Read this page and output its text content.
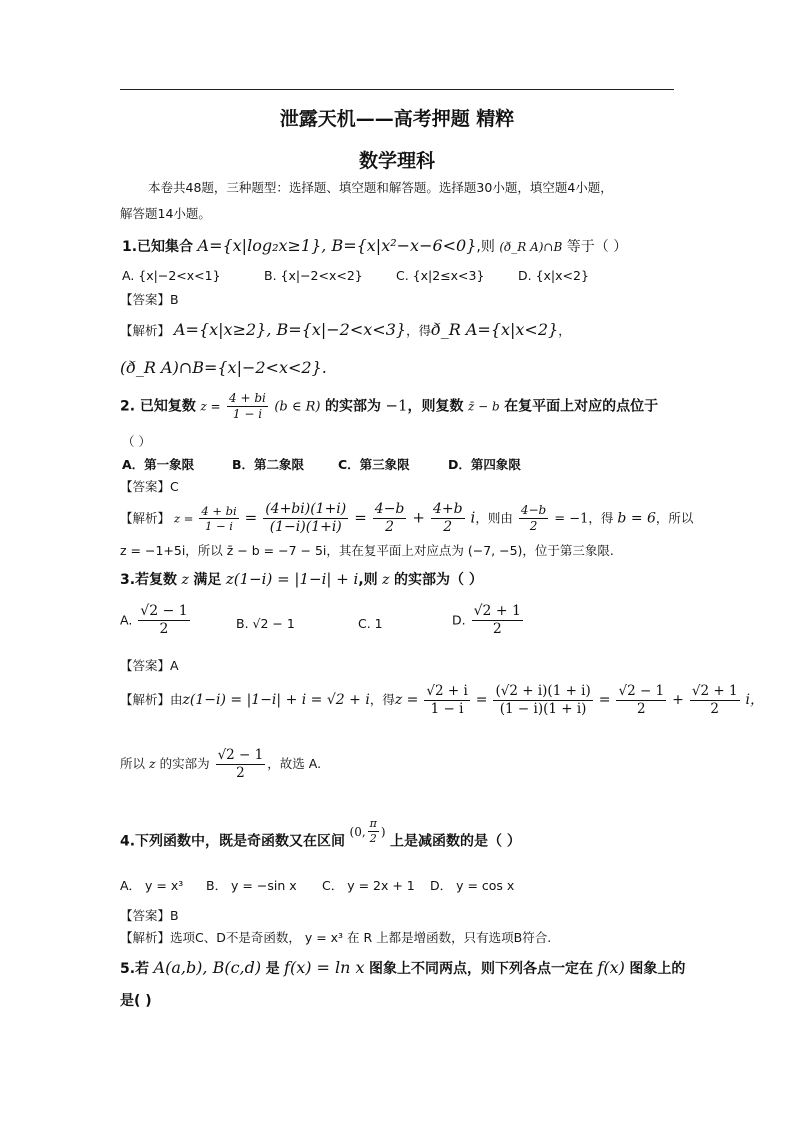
泄露天机——高考押题 精粹
数学理科
本卷共48题，三种题型：选择题、填空题和解答题。选择题30小题，填空题4小题，
解答题14小题。
1.已知集合 A={x|log₂x≥1}, B={x|x²−x−6<0},则 (ð_R A)∩B 等于（ ）
A. {x|−2<x<1}	B. {x|−2<x<2}	C. {x|2≤x<3}	D. {x|x<2}
【答案】B
【解析】 A={x|x≥2}, B={x|−2<x<3}，得ð_R A={x|x<2}，
(ð_R A)∩B={x|−2<x<2}.
2. 已知复数 $z = \frac{4 + bi}{1 - i} (b$ ∈ R) 的实部为 −1，则复数 z̄ − b 在复平面上对应的点位于
（ ）
A．第一象限	B．第二象限	C．第三象限	D．第四象限
【答案】C
【解析】 $z = \frac{4 + bi}{1 - i} = \frac{(4+bi)(1+i)}{(1-i)(1+i)} = \frac{4-b}{2} + \frac{4+b}{2}$ i，则由 $\frac{4-b}{2} = -1$，得 b = 6，所以
z = −1+5i，所以 z̄ − b = −7 − 5i，其在复平面上对应点为 (−7, −5)，位于第三象限.
3.若复数 z 满足 z(1−i) = |1−i| + i,则 z 的实部为（ ）
A. $\frac{√2 - 1}{2}$	B. √2 − 1	C. 1	D. $\frac{√2 + 1}{2}$
【答案】A
【解析】由z(1−i) = |1−i| + i = √2 + i，得$z = \frac{√2 + i}{1 - i} = \frac{(√2 + i)(1 + i)}{(1 - i)(1 + i)} = \frac{√2 - 1}{2} + \frac{√2 + 1}{2}$ i，
所以 z 的实部为 $\frac{√2 - 1}{2}$ ，故选 A.
4.下列函数中，既是奇函数又在区间
(0, $\frac{\pi}{2}$ )
上是减函数的是（ ）
A． y = x³ B． y = −sin x C． y = 2x + 1 D． y = cos x
【答案】B
【解析】选项C、D不是奇函数， y = x³ 在 R 上都是增函数，只有选项B符合.
5.若 A(a,b), B(c,d) 是 f(x) = ln x 图象上不同两点，则下列各点一定在 f(x) 图象上的
是( )
